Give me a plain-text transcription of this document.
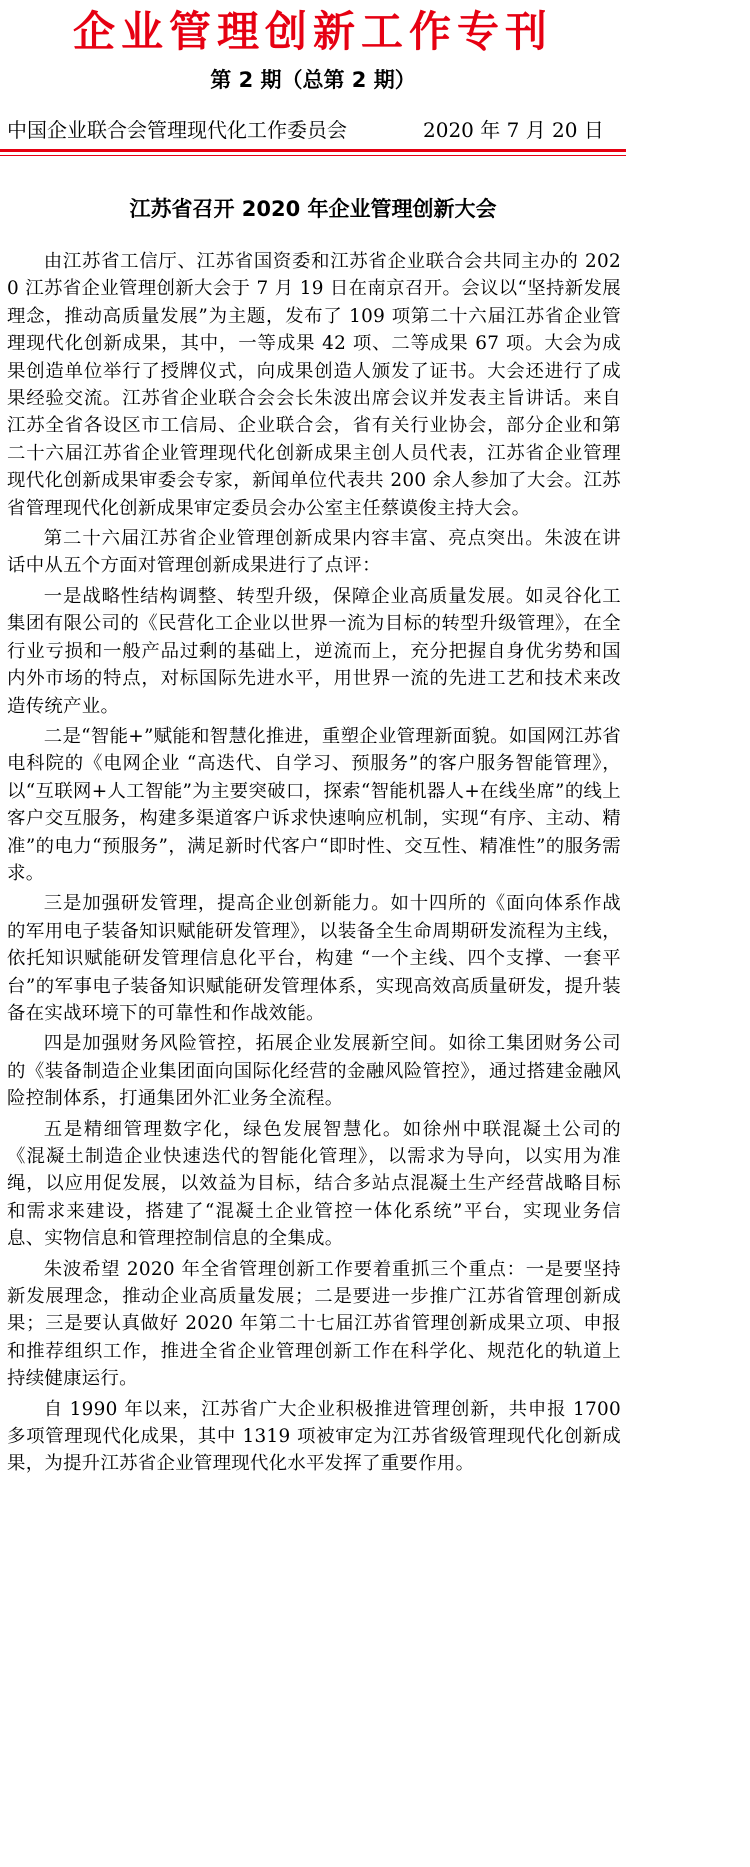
企业管理创新工作专刊
第 2 期（总第 2 期）
中国企业联合会管理现代化工作委员会	2020 年 7 月 20 日
江苏省召开 2020 年企业管理创新大会

由江苏省工信厅、江苏省国资委和江苏省企业联合会共同主办的 2020 江苏省企业管理创新大会于 7 月 19 日在南京召开。会议以“坚持新发展理念，推动高质量发展”为主题，发布了 109 项第二十六届江苏省企业管理现代化创新成果，其中，一等成果 42 项、二等成果 67 项。大会为成果创造单位举行了授牌仪式，向成果创造人颁发了证书。大会还进行了成果经验交流。江苏省企业联合会会长朱波出席会议并发表主旨讲话。来自江苏全省各设区市工信局、企业联合会，省有关行业协会，部分企业和第二十六届江苏省企业管理现代化创新成果主创人员代表，江苏省企业管理现代化创新成果审委会专家，新闻单位代表共 200 余人参加了大会。江苏省管理现代化创新成果审定委员会办公室主任蔡谟俊主持大会。

第二十六届江苏省企业管理创新成果内容丰富、亮点突出。朱波在讲话中从五个方面对管理创新成果进行了点评：

一是战略性结构调整、转型升级，保障企业高质量发展。如灵谷化工集团有限公司的《民营化工企业以世界一流为目标的转型升级管理》，在全行业亏损和一般产品过剩的基础上，逆流而上，充分把握自身优劣势和国内外市场的特点，对标国际先进水平，用世界一流的先进工艺和技术来改造传统产业。

二是“智能+”赋能和智慧化推进，重塑企业管理新面貌。如国网江苏省电科院的《电网企业 “高迭代、自学习、预服务”的客户服务智能管理》，以“互联网+人工智能”为主要突破口，探索“智能机器人+在线坐席”的线上客户交互服务，构建多渠道客户诉求快速响应机制，实现“有序、主动、精准”的电力“预服务”，满足新时代客户“即时性、交互性、精准性”的服务需求。

三是加强研发管理，提高企业创新能力。如十四所的《面向体系作战的军用电子装备知识赋能研发管理》，以装备全生命周期研发流程为主线，依托知识赋能研发管理信息化平台，构建 “一个主线、四个支撑、一套平台”的军事电子装备知识赋能研发管理体系，实现高效高质量研发，提升装备在实战环境下的可靠性和作战效能。

四是加强财务风险管控，拓展企业发展新空间。如徐工集团财务公司的《装备制造企业集团面向国际化经营的金融风险管控》，通过搭建金融风险控制体系，打通集团外汇业务全流程。

五是精细管理数字化，绿色发展智慧化。如徐州中联混凝土公司的《混凝土制造企业快速迭代的智能化管理》，以需求为导向，以实用为准绳，以应用促发展，以效益为目标，结合多站点混凝土生产经营战略目标和需求来建设，搭建了“混凝土企业管控一体化系统”平台，实现业务信息、实物信息和管理控制信息的全集成。

朱波希望 2020 年全省管理创新工作要着重抓三个重点：一是要坚持新发展理念，推动企业高质量发展；二是要进一步推广江苏省管理创新成果；三是要认真做好 2020 年第二十七届江苏省管理创新成果立项、申报和推荐组织工作，推进全省企业管理创新工作在科学化、规范化的轨道上持续健康运行。

自 1990 年以来，江苏省广大企业积极推进管理创新，共申报 1700 多项管理现代化成果，其中 1319 项被审定为江苏省级管理现代化创新成果，为提升江苏省企业管理现代化水平发挥了重要作用。
